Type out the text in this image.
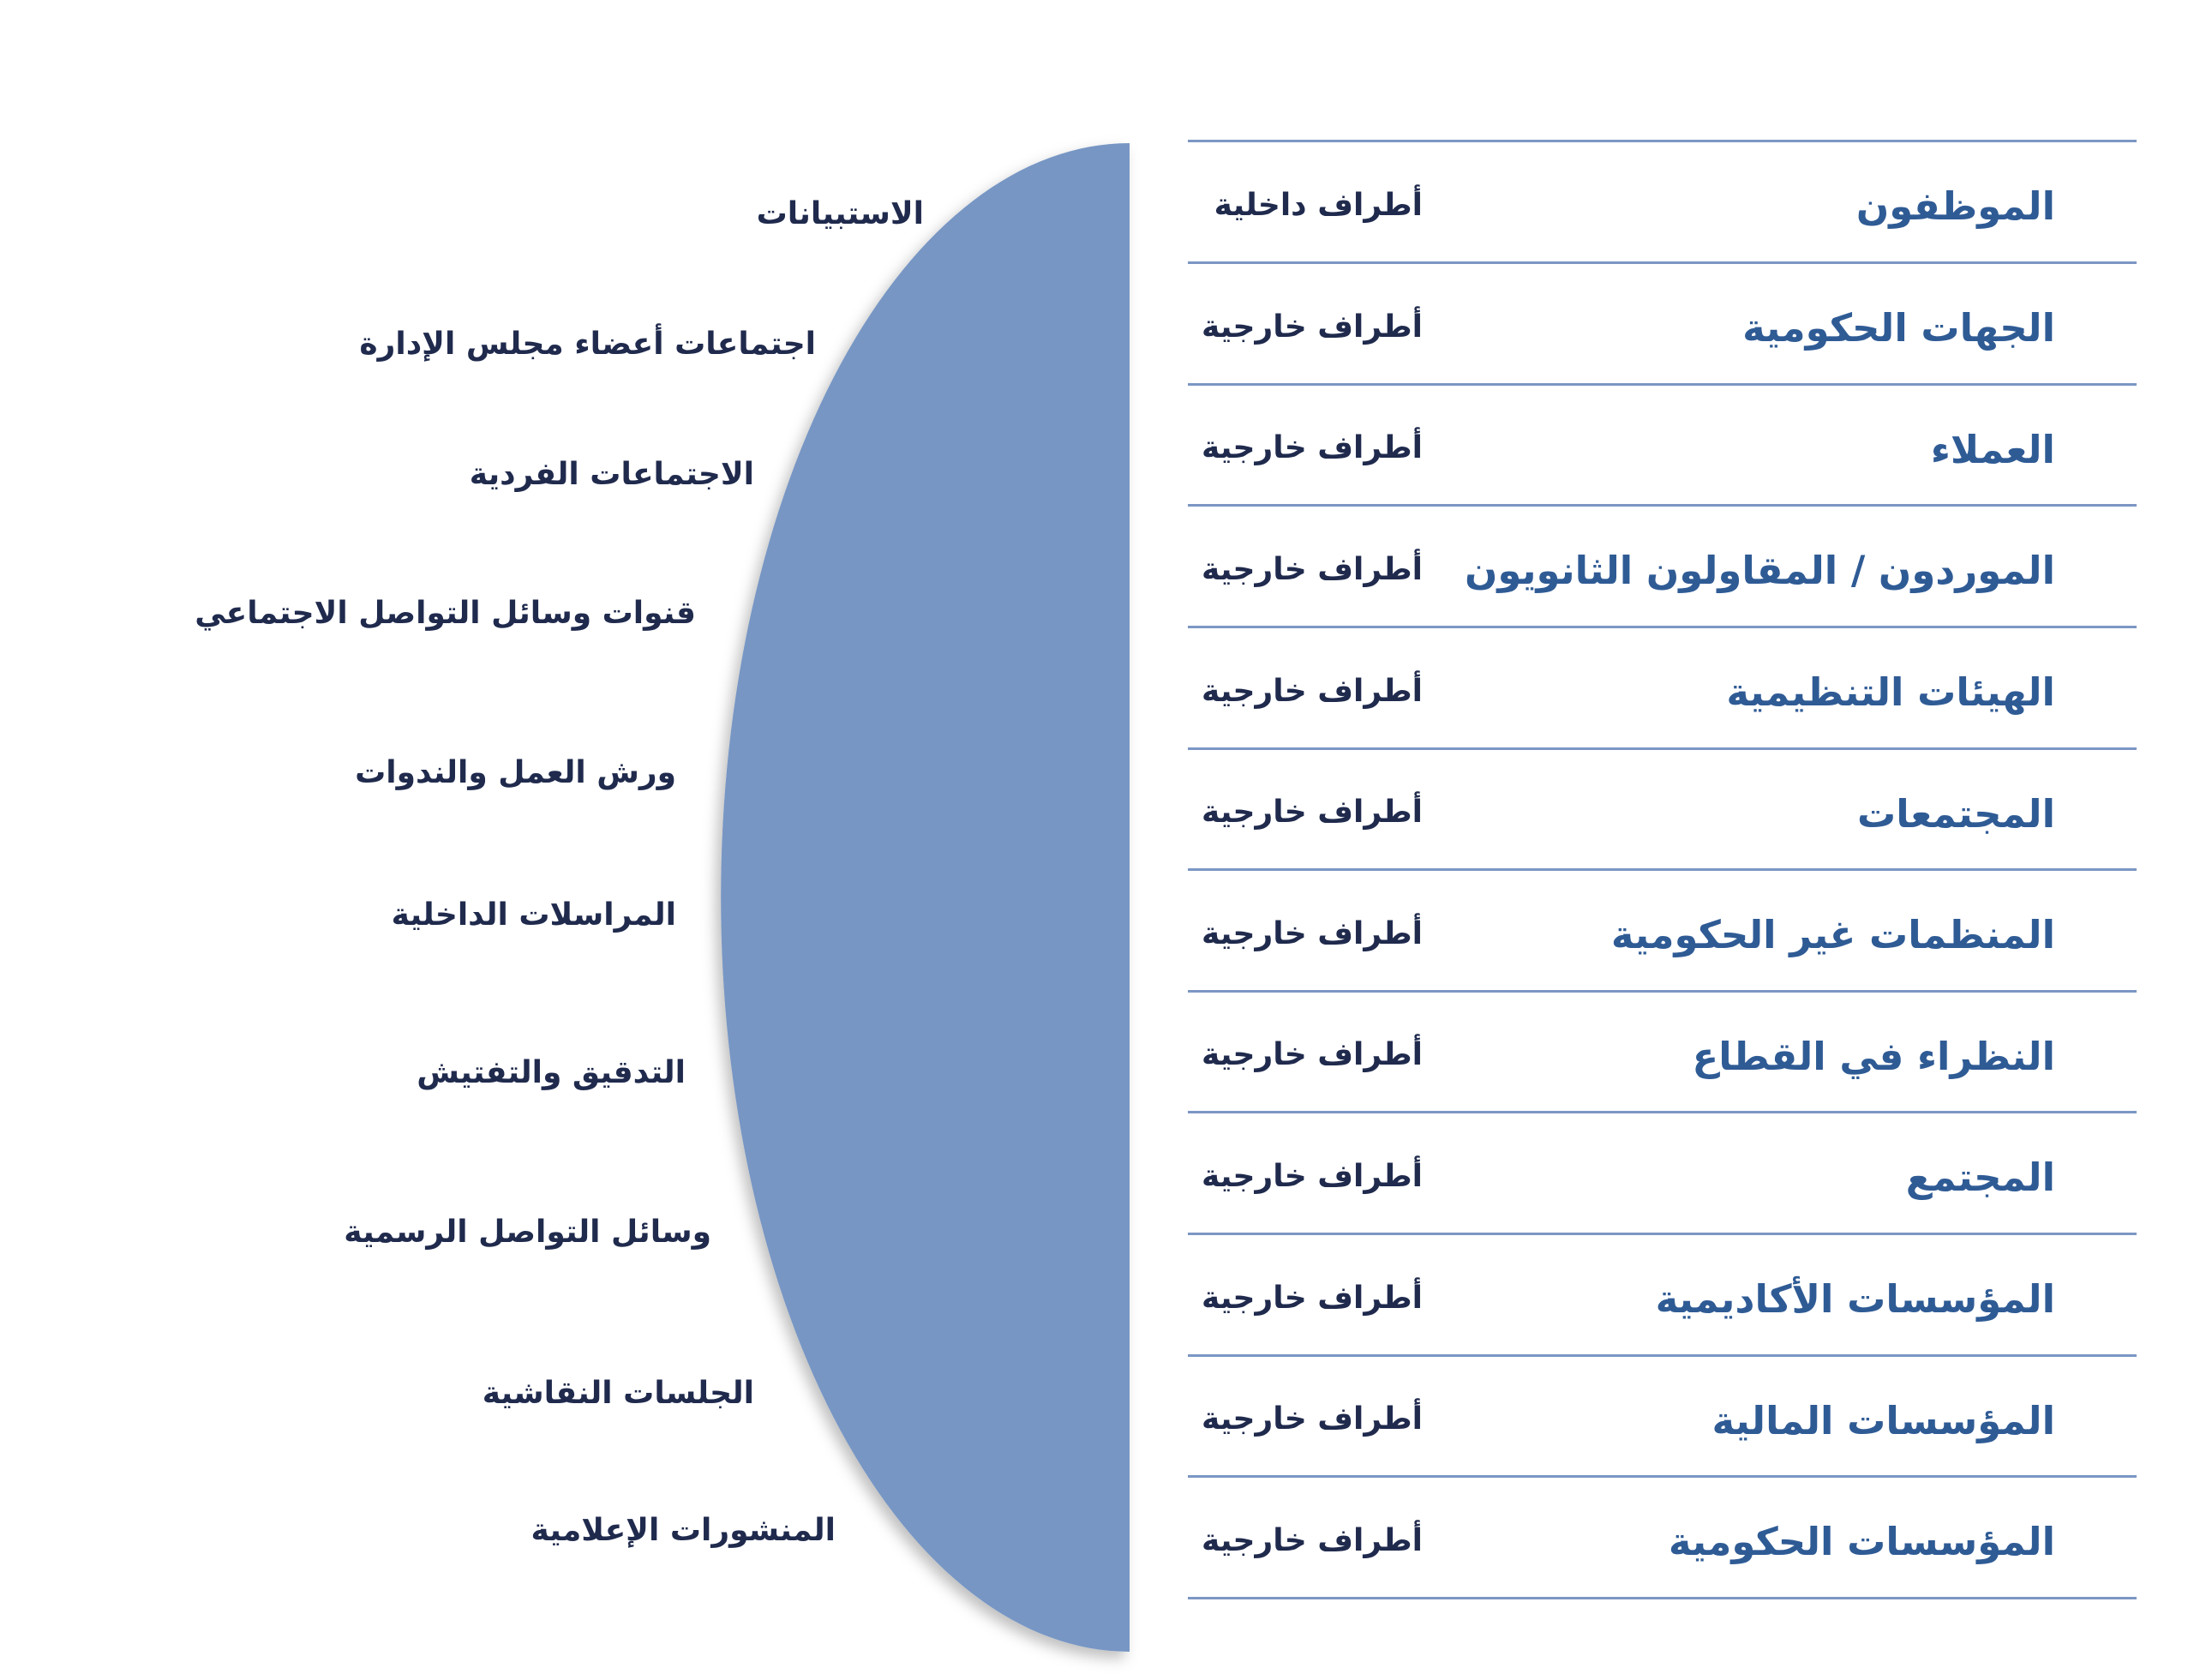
الاستبيانات
اجتماعات أعضاء مجلس الإدارة
الاجتماعات الفردية
قنوات وسائل التواصل الاجتماعي
ورش العمل والندوات
المراسلات الداخلية
التدقيق والتفتيش
وسائل التواصل الرسمية
الجلسات النقاشية
المنشورات الإعلامية
الموظفون
أطراف داخلية
الجهات الحكومية
أطراف خارجية
العملاء
أطراف خارجية
الموردون / المقاولون الثانويون
أطراف خارجية
الهيئات التنظيمية
أطراف خارجية
المجتمعات
أطراف خارجية
المنظمات غير الحكومية
أطراف خارجية
النظراء في القطاع
أطراف خارجية
المجتمع
أطراف خارجية
المؤسسات الأكاديمية
أطراف خارجية
المؤسسات المالية
أطراف خارجية
المؤسسات الحكومية
أطراف خارجية
